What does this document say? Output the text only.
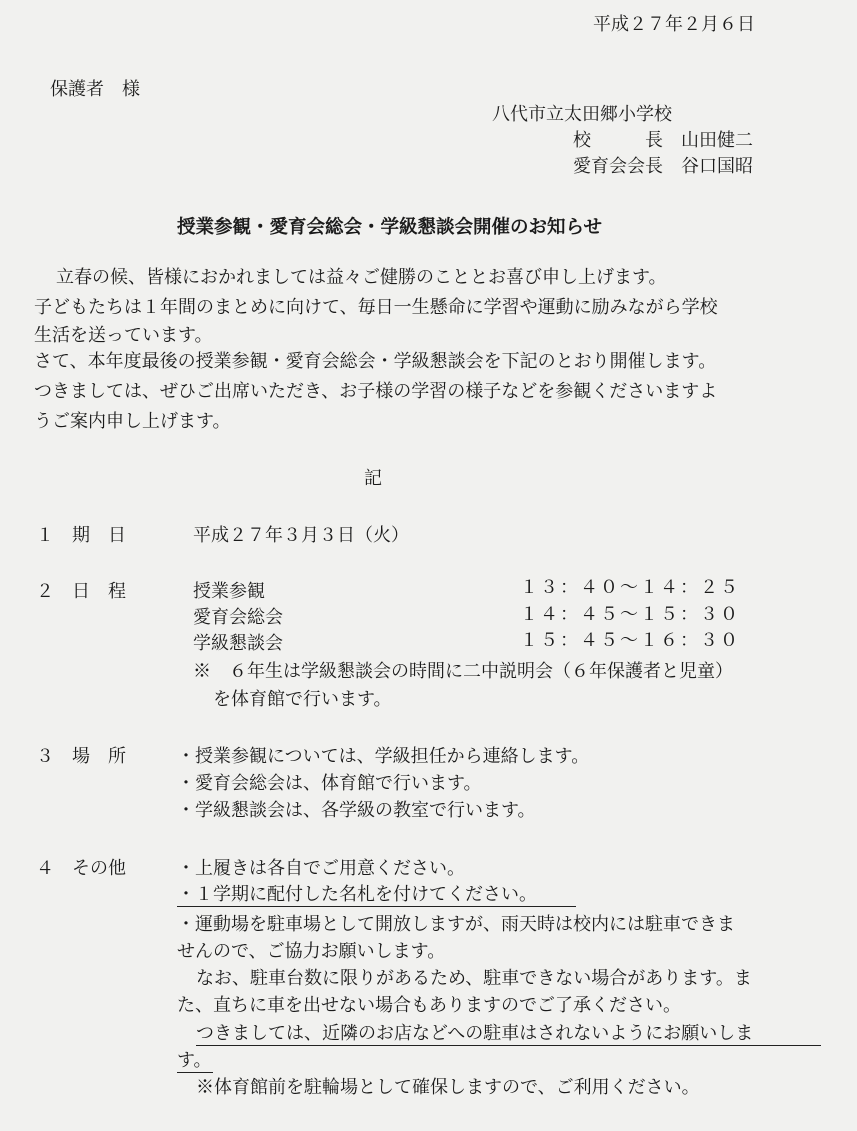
平成２７年２月６日
保護者　様
八代市立太田郷小学校
校　　　長　山田健二
愛育会会長　谷口国昭
授業参観・愛育会総会・学級懇談会開催のお知らせ
立春の候、皆様におかれましては益々ご健勝のこととお喜び申し上げます。
子どもたちは１年間のまとめに向けて、毎日一生懸命に学習や運動に励みながら学校
生活を送っています。
さて、本年度最後の授業参観・愛育会総会・学級懇談会を下記のとおり開催します。
つきましては、ぜひご出席いただき、お子様の学習の様子などを参観くださいますよ
うご案内申し上げます。
記
１　期　日	平成２７年３月３日（火）
２　日　程	授業参観	１３：４０〜１４：２５
愛育会総会	１４：４５〜１５：３０
学級懇談会	１５：４５〜１６：３０
※　６年生は学級懇談会の時間に二中説明会（６年保護者と児童）
を体育館で行います。
３　場　所	・授業参観については、学級担任から連絡します。
・愛育会総会は、体育館で行います。
・学級懇談会は、各学級の教室で行います。
４　その他	・上履きは各自でご用意ください。
・１学期に配付した名札を付けてください。
・運動場を駐車場として開放しますが、雨天時は校内には駐車できま
せんので、ご協力お願いします。
なお、駐車台数に限りがあるため、駐車できない場合があります。ま
た、直ちに車を出せない場合もありますのでご了承ください。
つきましては、近隣のお店などへの駐車はされないようにお願いしま
す。
※体育館前を駐輪場として確保しますので、ご利用ください。
